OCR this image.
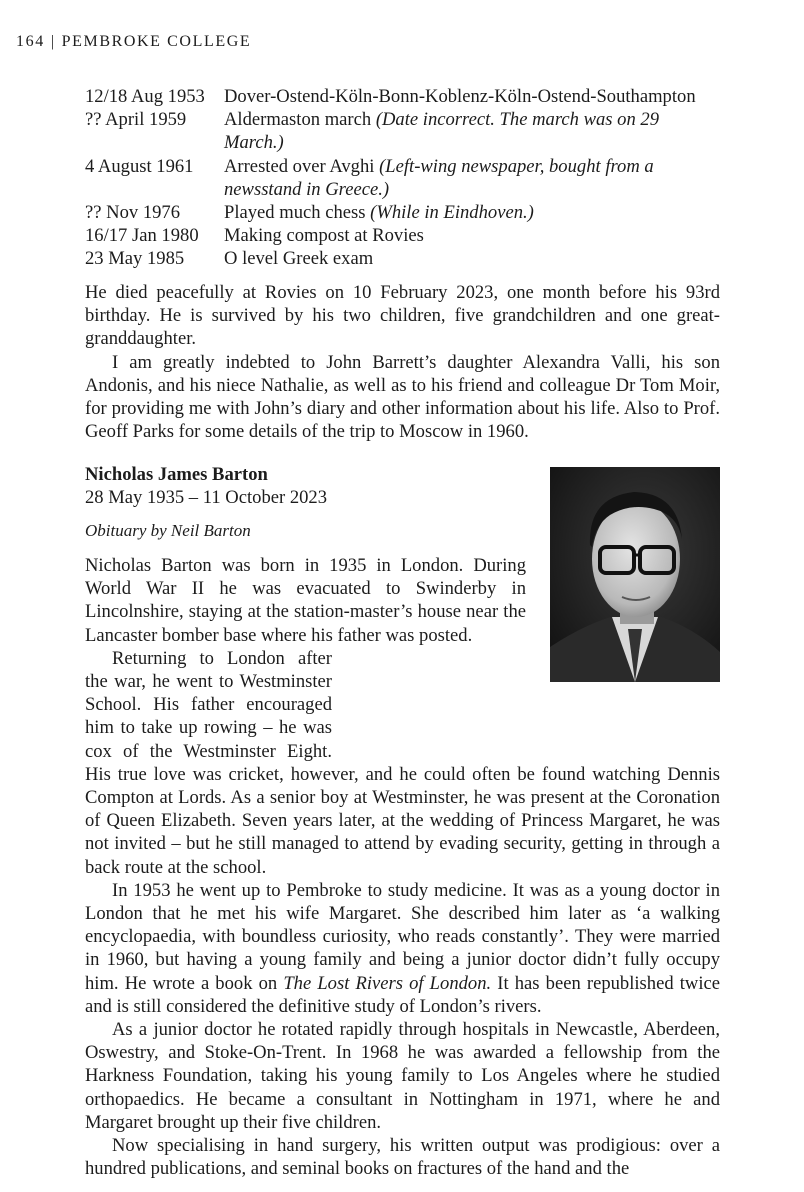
164 | PEMBROKE COLLEGE
12/18 Aug 1953	Dover-Ostend-Köln-Bonn-Koblenz-Köln-Ostend-Southampton
?? April 1959	Aldermaston march (Date incorrect. The march was on 29 March.)
4 August 1961	Arrested over Avghi (Left-wing newspaper, bought from a newsstand in Greece.)
?? Nov 1976	Played much chess (While in Eindhoven.)
16/17 Jan 1980	Making compost at Rovies
23 May 1985	O level Greek exam

He died peacefully at Rovies on 10 February 2023, one month before his 93rd birthday. He is survived by his two children, five grandchildren and one great-granddaughter.

I am greatly indebted to John Barrett’s daughter Alexandra Valli, his son Andonis, and his niece Nathalie, as well as to his friend and colleague Dr Tom Moir, for providing me with John’s diary and other information about his life. Also to Prof. Geoff Parks for some details of the trip to Moscow in 1960.

Nicholas James Barton
28 May 1935 – 11 October 2023
Obituary by Neil Barton

Nicholas Barton was born in 1935 in London. During World War II he was evacuated to Swinderby in Lincolnshire, staying at the station-master’s house near the Lancaster bomber base where his father was posted.

Returning to London after the war, he went to Westminster School. His father encouraged him to take up rowing – he was cox of the Westminster Eight. His true love was cricket, however, and he could often be found watching Dennis Compton at Lords. As a senior boy at Westminster, he was present at the Coronation of Queen Elizabeth. Seven years later, at the wedding of Princess Margaret, he was not invited – but he still managed to attend by evading security, getting in through a back route at the school.

In 1953 he went up to Pembroke to study medicine. It was as a young doctor in London that he met his wife Margaret. She described him later as ‘a walking encyclopaedia, with boundless curiosity, who reads constantly’. They were married in 1960, but having a young family and being a junior doctor didn’t fully occupy him. He wrote a book on The Lost Rivers of London. It has been republished twice and is still considered the definitive study of London’s rivers.

As a junior doctor he rotated rapidly through hospitals in Newcastle, Aberdeen, Oswestry, and Stoke-On-Trent. In 1968 he was awarded a fellowship from the Harkness Foundation, taking his young family to Los Angeles where he studied orthopaedics. He became a consultant in Nottingham in 1971, where he and Margaret brought up their five children.

Now specialising in hand surgery, his written output was prodigious: over a hundred publications, and seminal books on fractures of the hand and the
